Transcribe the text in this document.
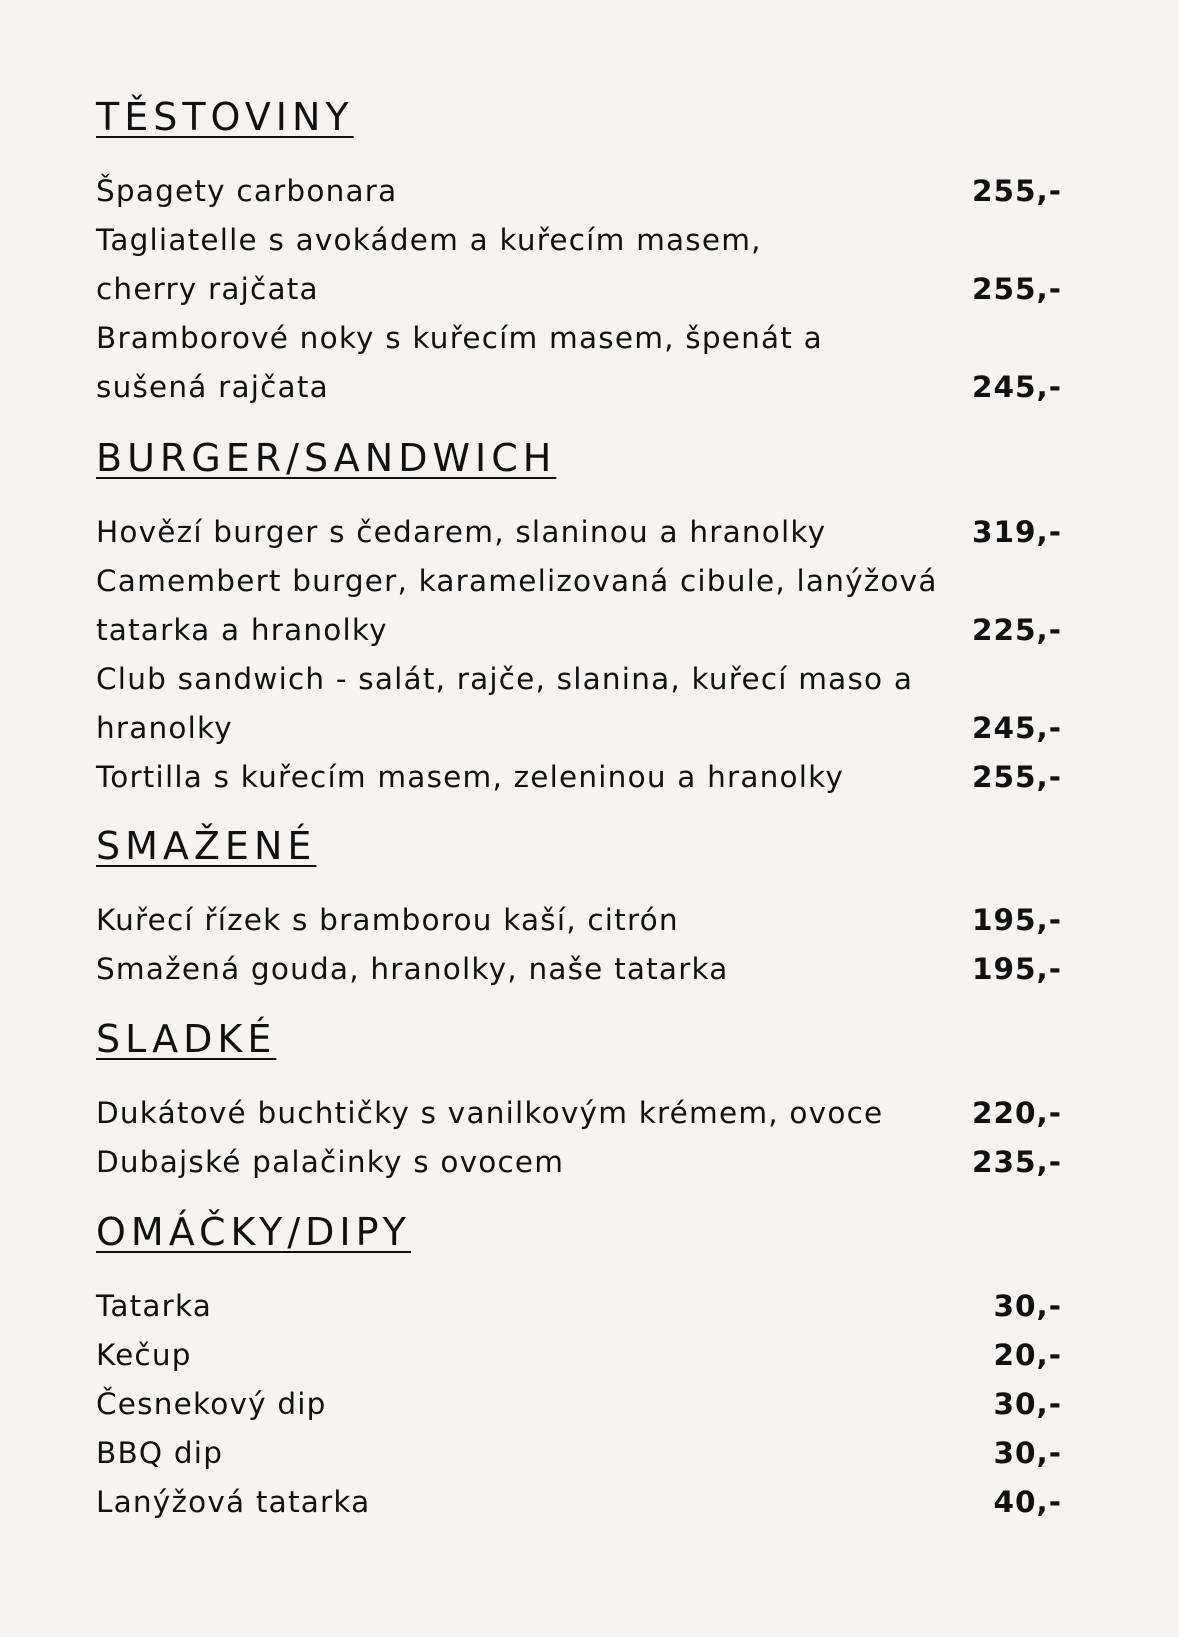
TĚSTOVINY
Špagety carbonara	255,-
Tagliatelle s avokádem a kuřecím masem,
cherry rajčata	255,-
Bramborové noky s kuřecím masem, špenát a
sušená rajčata	245,-
BURGER/SANDWICH
Hovězí burger s čedarem, slaninou a hranolky	319,-
Camembert burger, karamelizovaná cibule, lanýžová
tatarka a hranolky	225,-
Club sandwich - salát, rajče, slanina, kuřecí maso a
hranolky	245,-
Tortilla s kuřecím masem, zeleninou a hranolky	255,-
SMAŽENÉ
Kuřecí řízek s bramborou kaší, citrón	195,-
Smažená gouda, hranolky, naše tatarka	195,-
SLADKÉ
Dukátové buchtičky s vanilkovým krémem, ovoce	220,-
Dubajské palačinky s ovocem	235,-
OMÁČKY/DIPY
Tatarka	30,-
Kečup	20,-
Česnekový dip	30,-
BBQ dip	30,-
Lanýžová tatarka	40,-
